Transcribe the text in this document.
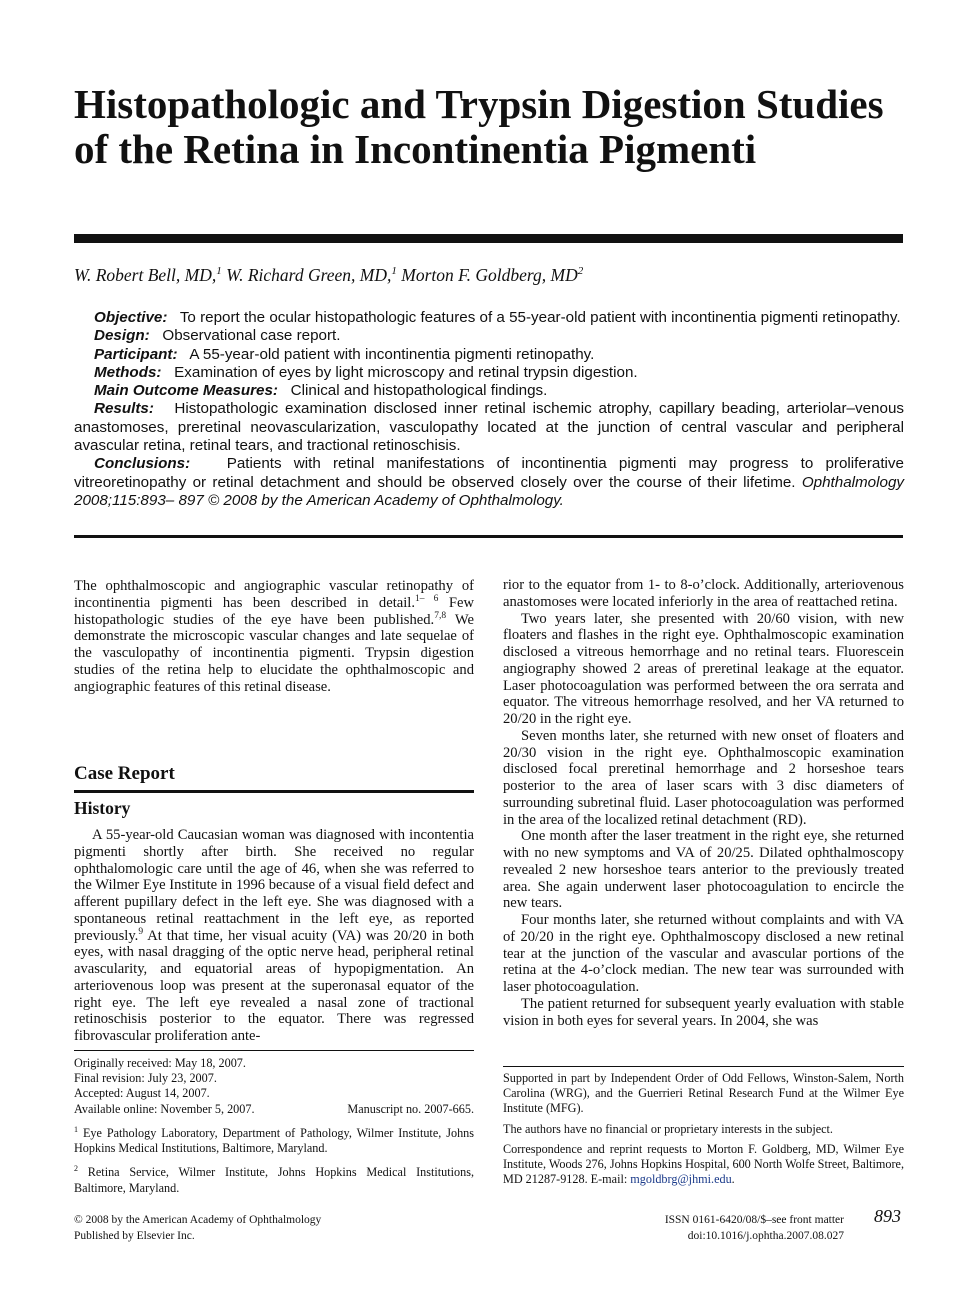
Histopathologic and Trypsin Digestion Studies of the Retina in Incontinentia Pigmenti
W. Robert Bell, MD,$^1$ W. Richard Green, MD,$^1$ Morton F. Goldberg, $MD^2$

Objective: To report the ocular histopathologic features of a 55-year-old patient with incontinentia pigmenti retinopathy.

Design: Observational case report.

Participant: A 55-year-old patient with incontinentia pigmenti retinopathy.

Methods: Examination of eyes by light microscopy and retinal trypsin digestion.

Main Outcome Measures: Clinical and histopathological findings.

Results: Histopathologic examination disclosed inner retinal ischemic atrophy, capillary beading, arteriolar–venous anastomoses, preretinal neovascularization, vasculopathy located at the junction of central vascular and peripheral avascular retina, retinal tears, and tractional retinoschisis.

Conclusions: Patients with retinal manifestations of incontinentia pigmenti may progress to proliferative vitreoretinopathy or retinal detachment and should be observed closely over the course of their lifetime. Ophthalmology 2008;115:893– 897 © 2008 by the American Academy of Ophthalmology.

The ophthalmoscopic and angiographic vascular retinopathy of incontinentia pigmenti has been described in detail.$^{1- 6}$ Few histopathologic studies of the eye have been published.$^{7,8}$ We demonstrate the microscopic vascular changes and late sequelae of the vasculopathy of incontinentia pigmenti. Trypsin digestion studies of the retina help to elucidate the ophthalmoscopic and angiographic features of this retinal disease.

Case Report
History

A 55-year-old Caucasian woman was diagnosed with incontentia pigmenti shortly after birth. She received no regular ophthalomologic care until the age of 46, when she was referred to the Wilmer Eye Institute in 1996 because of a visual field defect and afferent pupillary defect in the left eye. She was diagnosed with a spontaneous retinal reattachment in the left eye, as reported previously.$^9$ At that time, her visual acuity (VA) was 20/20 in both eyes, with nasal dragging of the optic nerve head, peripheral retinal avascularity, and equatorial areas of hypopigmentation. An arteriovenous loop was present at the superonasal equator of the right eye. The left eye revealed a nasal zone of tractional retinoschisis posterior to the equator. There was regressed fibrovascular proliferation ante-

rior to the equator from 1- to 8-o’clock. Additionally, arteriovenous anastomoses were located inferiorly in the area of reattached retina.

Two years later, she presented with 20/60 vision, with new floaters and flashes in the right eye. Ophthalmoscopic examination disclosed a vitreous hemorrhage and no retinal tears. Fluorescein angiography showed 2 areas of preretinal leakage at the equator. Laser photocoagulation was performed between the ora serrata and equator. The vitreous hemorrhage resolved, and her VA returned to 20/20 in the right eye.

Seven months later, she returned with new onset of floaters and 20/30 vision in the right eye. Ophthalmoscopic examination disclosed focal preretinal hemorrhage and 2 horseshoe tears posterior to the area of laser scars with 3 disc diameters of surrounding subretinal fluid. Laser photocoagulation was performed in the area of the localized retinal detachment (RD).

One month after the laser treatment in the right eye, she returned with no new symptoms and VA of 20/25. Dilated ophthalmoscopy revealed 2 new horseshoe tears anterior to the previously treated area. She again underwent laser photocoagulation to encircle the new tears.

Four months later, she returned without complaints and with VA of 20/20 in the right eye. Ophthalmoscopy disclosed a new retinal tear at the junction of the vascular and avascular portions of the retina at the 4-o’clock median. The new tear was surrounded with laser photocoagulation.

The patient returned for subsequent yearly evaluation with stable vision in both eyes for several years. In 2004, she was

Originally received: May 18, 2007.

Final revision: July 23, 2007.

Accepted: August 14, 2007.

Available online: November 5, 2007.	Manuscript no. 2007-665.

$^1$ Eye Pathology Laboratory, Department of Pathology, Wilmer Institute, Johns Hopkins Medical Institutions, Baltimore, Maryland.

$^2$ Retina Service, Wilmer Institute, Johns Hopkins Medical Institutions, Baltimore, Maryland.

Supported in part by Independent Order of Odd Fellows, Winston-Salem, North Carolina (WRG), and the Guerrieri Retinal Research Fund at the Wilmer Eye Institute (MFG).

The authors have no financial or proprietary interests in the subject.

Correspondence and reprint requests to Morton F. Goldberg, MD, Wilmer Eye Institute, Woods 276, Johns Hopkins Hospital, 600 North Wolfe Street, Baltimore, MD 21287-9128. E-mail: mgoldbrg@jhmi.edu.

© 2008 by the American Academy of Ophthalmology
Published by Elsevier Inc.
ISSN 0161-6420/08/$–see front matter
doi:10.1016/j.ophtha.2007.08.027
893
